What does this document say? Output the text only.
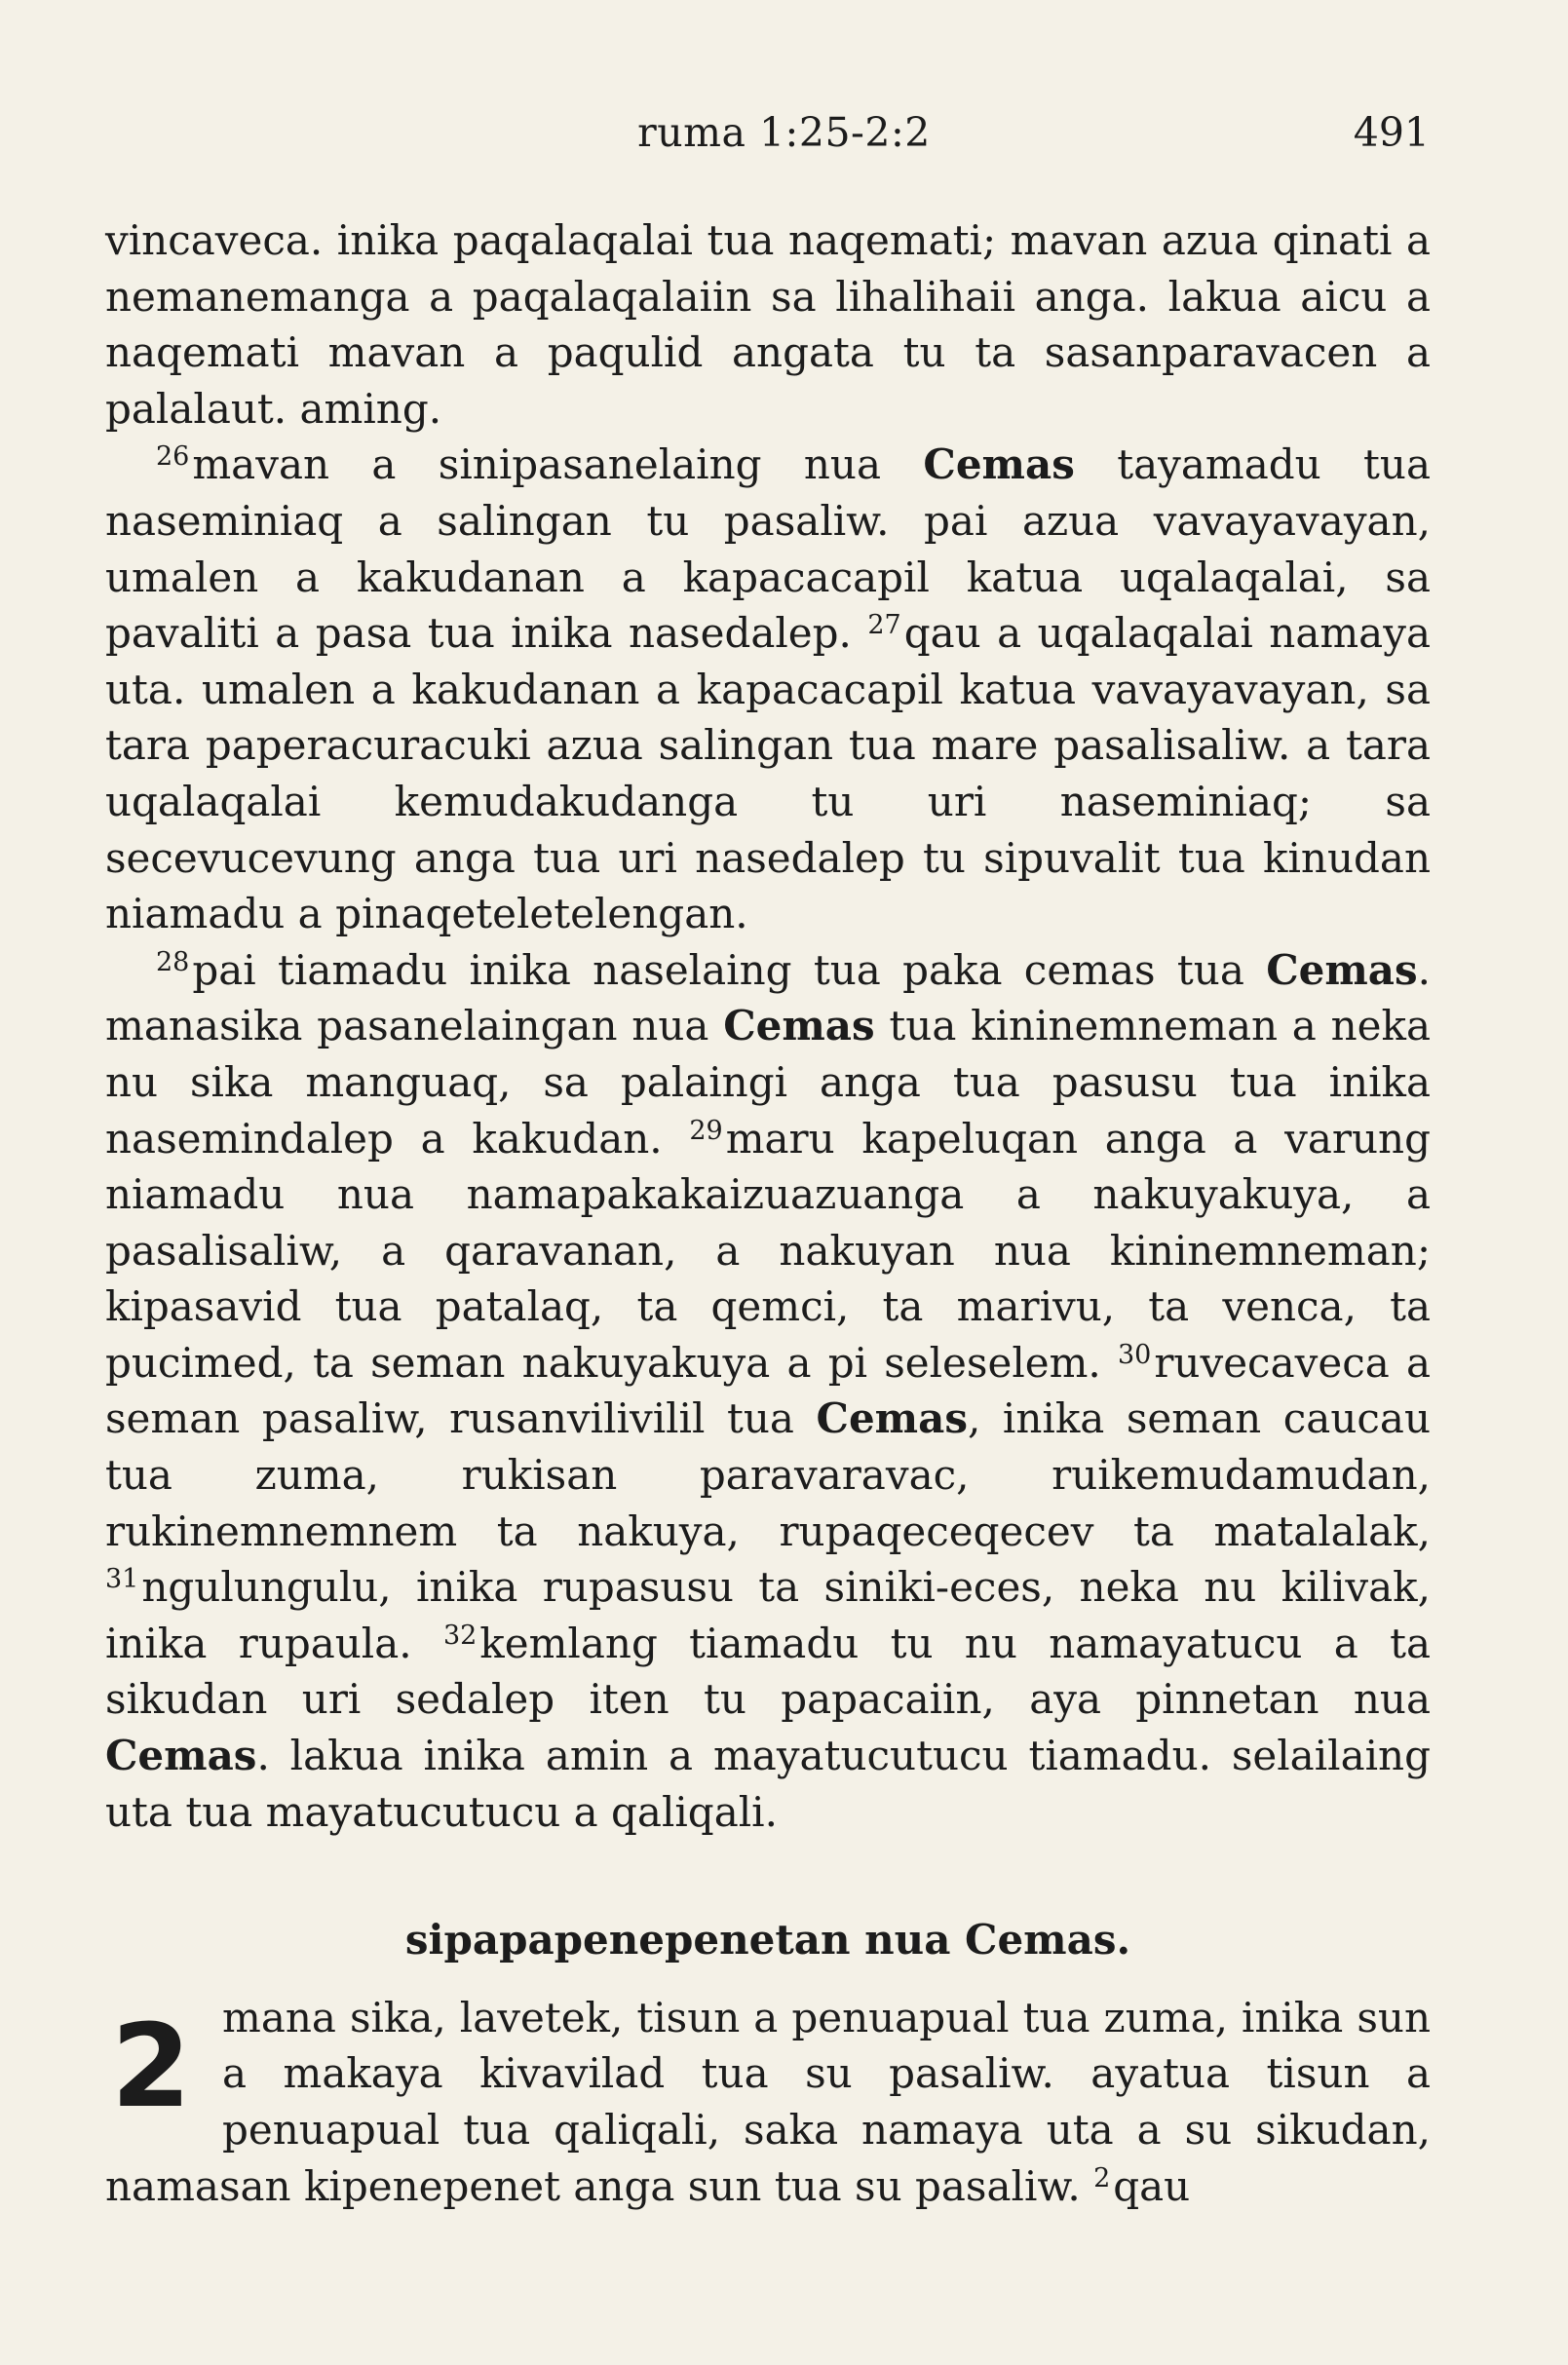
ruma 1:25-2:2	491

vincaveca. inika paqalaqalai tua naqemati; mavan azua qinati a nemanemanga a paqalaqalaiin sa lihalihaii anga. lakua aicu a naqemati mavan a paqulid angata tu ta sasanparavacen a palalaut. aming.

$^{26}$mavan a sinipasanelaing nua Cemas tayamadu tua naseminiaq a salingan tu pasaliw. pai azua vavayavayan, umalen a kakudanan a kapacacapil katua uqalaqalai, sa pavaliti a pasa tua inika nasedalep. $^{27}$qau a uqalaqalai namaya uta. umalen a kakudanan a kapacacapil katua vavayavayan, sa tara paperacuracuki azua salingan tua mare pasalisaliw. a tara uqalaqalai kemudakudanga tu uri naseminiaq; sa secevucevung anga tua uri nasedalep tu sipuvalit tua kinudan niamadu a pinaqeteletelengan.

$^{28}$pai tiamadu inika naselaing tua paka cemas tua Cemas. manasika pasanelaingan nua Cemas tua kininemneman a neka nu sika manguaq, sa palaingi anga tua pasusu tua inika nasemindalep a kakudan. $^{29}$maru kapeluqan anga a varung niamadu nua namapakakaizuazuanga a nakuyakuya, a pasalisaliw, a qaravanan, a nakuyan nua kininemneman; kipasavid tua patalaq, ta qemci, ta marivu, ta venca, ta pucimed, ta seman nakuyakuya a pi seleselem. $^{30}$ruvecaveca a seman pasaliw, rusanvilivilil tua Cemas, inika seman caucau tua zuma, rukisan paravaravac, ruikemudamudan, rukinemnemnem ta nakuya, rupaqeceqecev ta matalalak, $^{31}$ngulungulu, inika rupasusu ta siniki-eces, neka nu kilivak, inika rupaula. $^{32}$kemlang tiamadu tu nu namayatucu a ta sikudan uri sedalep iten tu papacaiin, aya pinnetan nua Cemas. lakua inika amin a mayatucutucu tiamadu. selailaing uta tua mayatucutucu a qaliqali.

sipapapenepenetan nua Cemas.

2 mana sika, lavetek, tisun a penuapual tua zuma, inika sun a makaya kivavilad tua su pasaliw. ayatua tisun a penuapual tua qaliqali, saka namaya uta a su sikudan, namasan kipenepenet anga sun tua su pasaliw. $^2$qau
